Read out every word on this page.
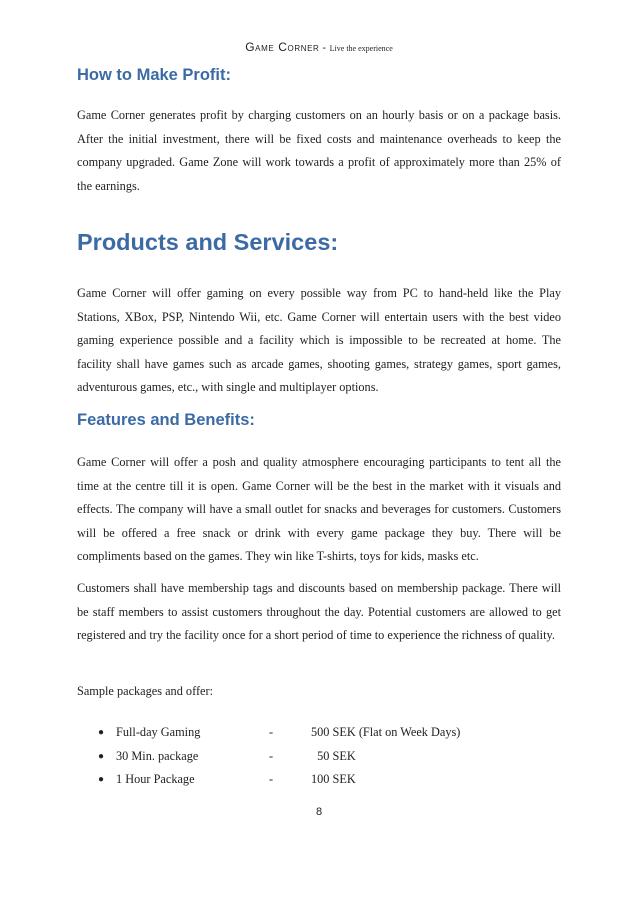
Game Corner - Live the experience
How to Make Profit:

Game Corner generates profit by charging customers on an hourly basis or on a package basis. After the initial investment, there will be fixed costs and maintenance overheads to keep the company upgraded. Game Zone will work towards a profit of approximately more than 25% of the earnings.

Products and Services:

Game Corner will offer gaming on every possible way from PC to hand-held like the Play Stations, XBox, PSP, Nintendo Wii, etc. Game Corner will entertain users with the best video gaming experience possible and a facility which is impossible to be recreated at home. The facility shall have games such as arcade games, shooting games, strategy games, sport games, adventurous games, etc., with single and multiplayer options.

Features and Benefits:

Game Corner will offer a posh and quality atmosphere encouraging participants to tent all the time at the centre till it is open. Game Corner will be the best in the market with it visuals and effects. The company will have a small outlet for snacks and beverages for customers. Customers will be offered a free snack or drink with every game package they buy. There will be compliments based on the games. They win like T-shirts, toys for kids, masks etc.

Customers shall have membership tags and discounts based on membership package. There will be staff members to assist customers throughout the day. Potential customers are allowed to get registered and try the facility once for a short period of time to experience the richness of quality.

Sample packages and offer:

● Full-day Gaming	-	500 SEK (Flat on Week Days)
● 30 Min. package	-	50 SEK
● 1 Hour Package	-	100 SEK
8
